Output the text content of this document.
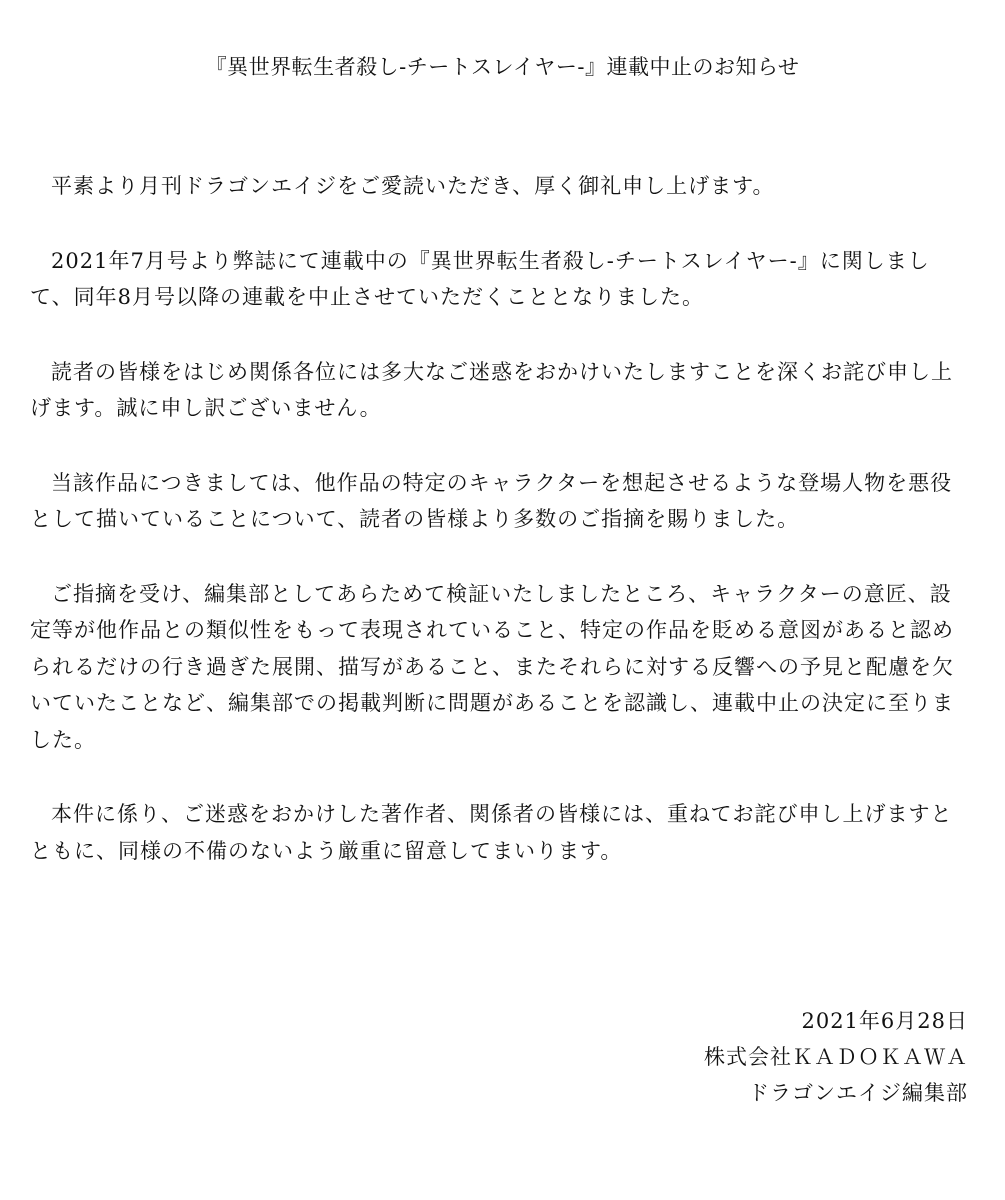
『異世界転生者殺し-チートスレイヤー-』連載中止のお知らせ

平素より月刊ドラゴンエイジをご愛読いただき、厚く御礼申し上げます。

2021年7月号より弊誌にて連載中の『異世界転生者殺し‐チートスレイヤー‐』に関しまして、同年8月号以降の連載を中止させていただくこととなりました。

読者の皆様をはじめ関係各位には多大なご迷惑をおかけいたしますことを深くお詫び申し上げます。誠に申し訳ございません。

当該作品につきましては、他作品の特定のキャラクターを想起させるような登場人物を悪役として描いていることについて、読者の皆様より多数のご指摘を賜りました。

ご指摘を受け、編集部としてあらためて検証いたしましたところ、キャラクターの意匠、設定等が他作品との類似性をもって表現されていること、特定の作品を貶める意図があると認められるだけの行き過ぎた展開、描写があること、またそれらに対する反響への予見と配慮を欠いていたことなど、編集部での掲載判断に問題があることを認識し、連載中止の決定に至りました。

本件に係り、ご迷惑をおかけした著作者、関係者の皆様には、重ねてお詫び申し上げますとともに、同様の不備のないよう厳重に留意してまいります。

2021年6月28日
株式会社ＫＡＤＯＫＡＷＡ
ドラゴンエイジ編集部
